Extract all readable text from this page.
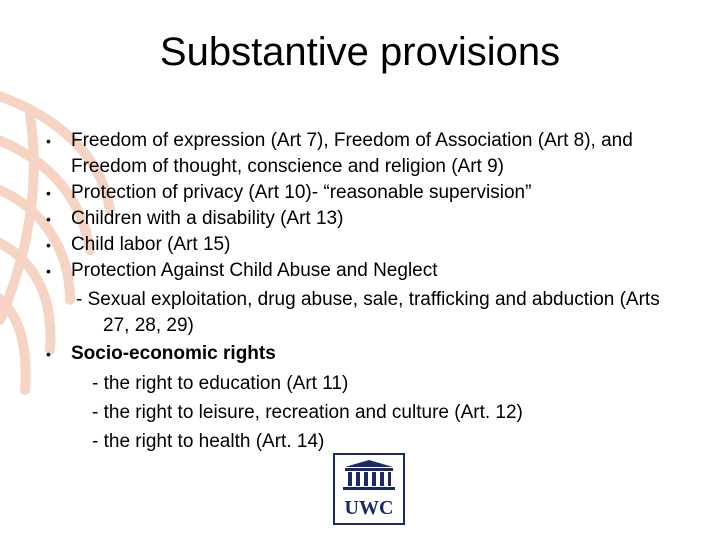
Substantive provisions
• Freedom of expression (Art 7), Freedom of Association (Art 8), and Freedom of thought, conscience and religion (Art 9)
• Protection of privacy (Art 10)- “reasonable supervision”
• Children with a disability (Art 13)
• Child labor (Art 15)
• Protection Against Child Abuse and Neglect
- Sexual exploitation, drug abuse, sale, trafficking and abduction (Arts 27, 28, 29)
• Socio-economic rights
- the right to education (Art 11)
- the right to leisure, recreation and culture (Art. 12)
- the right to health (Art. 14)
UWC
